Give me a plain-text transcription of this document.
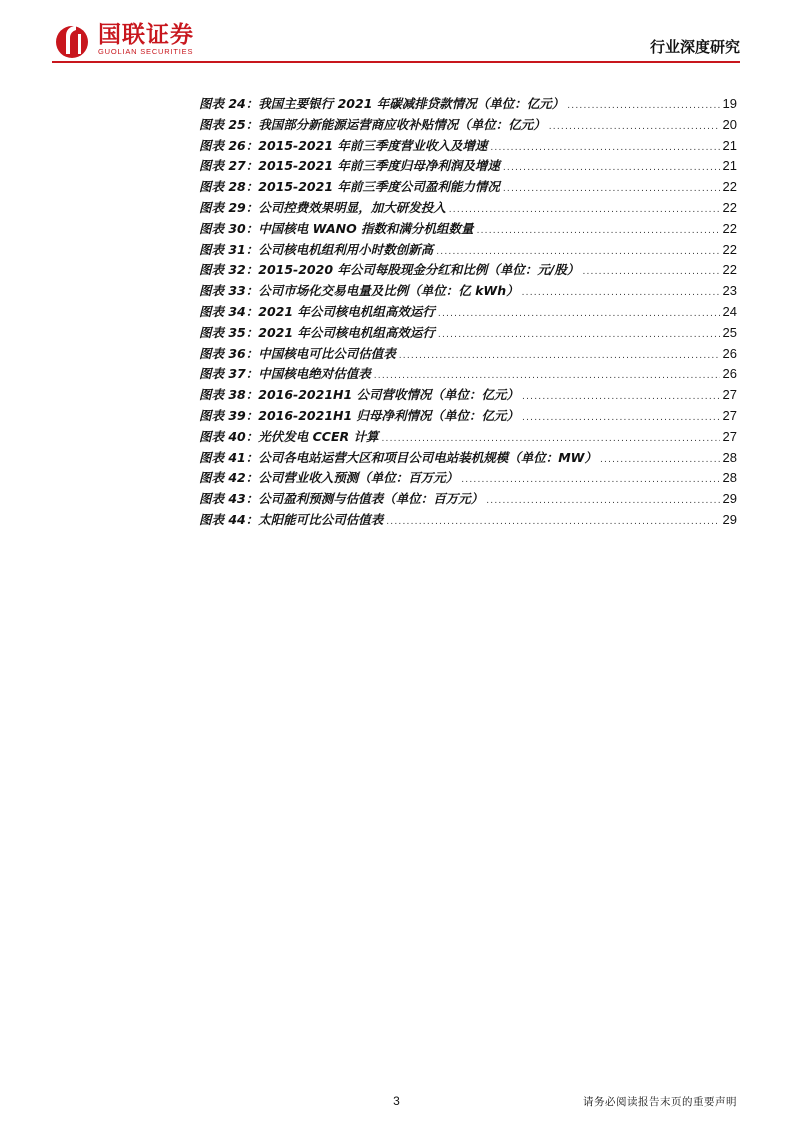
国联证券
GUOLIAN SECURITIES	行业深度研究
图表 24：我国主要银行 2021 年碳减排贷款情况（单位：亿元） .....	19
图表 25：我国部分新能源运营商应收补贴情况（单位：亿元） .....	20
图表 26：2015-2021 年前三季度营业收入及增速 .....	21
图表 27：2015-2021 年前三季度归母净利润及增速 .....	21
图表 28：2015-2021 年前三季度公司盈利能力情况 .....	22
图表 29：公司控费效果明显，加大研发投入 .....	22
图表 30：中国核电 WANO 指数和满分机组数量 .....	22
图表 31：公司核电机组利用小时数创新高 .....	22
图表 32：2015-2020 年公司每股现金分红和比例（单位：元/股） .....	22
图表 33：公司市场化交易电量及比例（单位：亿 kWh） .....	23
图表 34：2021 年公司核电机组高效运行 .....	24
图表 35：2021 年公司核电机组高效运行 .....	25
图表 36：中国核电可比公司估值表 .....	26
图表 37：中国核电绝对估值表 .....	26
图表 38：2016-2021H1 公司营收情况（单位：亿元） .....	27
图表 39：2016-2021H1 归母净利情况（单位：亿元） .....	27
图表 40：光伏发电 CCER 计算 .....	27
图表 41：公司各电站运营大区和项目公司电站装机规模（单位：MW） .....	28
图表 42：公司营业收入预测（单位：百万元） .....	28
图表 43：公司盈利预测与估值表（单位：百万元） .....	29
图表 44：太阳能可比公司估值表 .....	29
3	请务必阅读报告末页的重要声明
